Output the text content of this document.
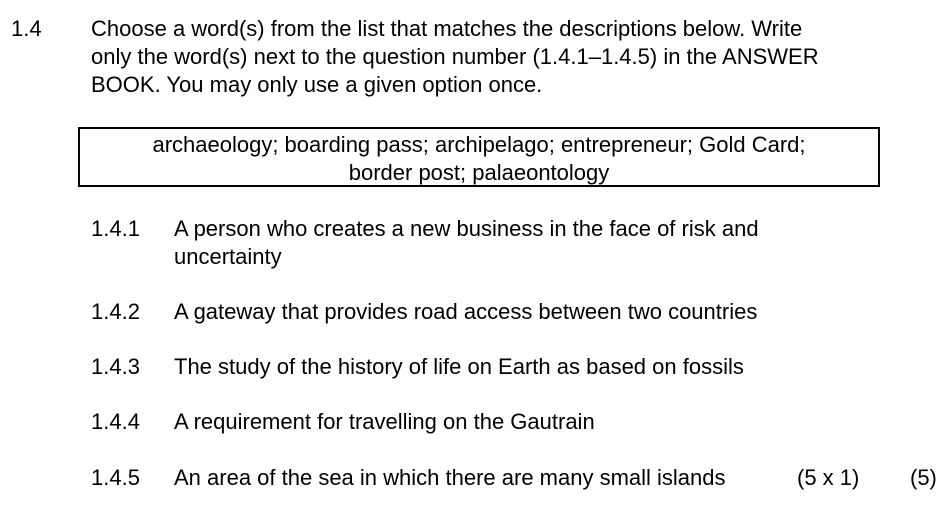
1.4 Choose a word(s) from the list that matches the descriptions below. Write
only the word(s) next to the question number (1.4.1–1.4.5) in the ANSWER
BOOK. You may only use a given option once.
archaeology; boarding pass; archipelago; entrepreneur; Gold Card;
border post; palaeontology
1.4.1 A person who creates a new business in the face of risk and
uncertainty
1.4.2 A gateway that provides road access between two countries
1.4.3 The study of the history of life on Earth as based on fossils
1.4.4 A requirement for travelling on the Gautrain
1.4.5 An area of the sea in which there are many small islands	(5 x 1) (5)
